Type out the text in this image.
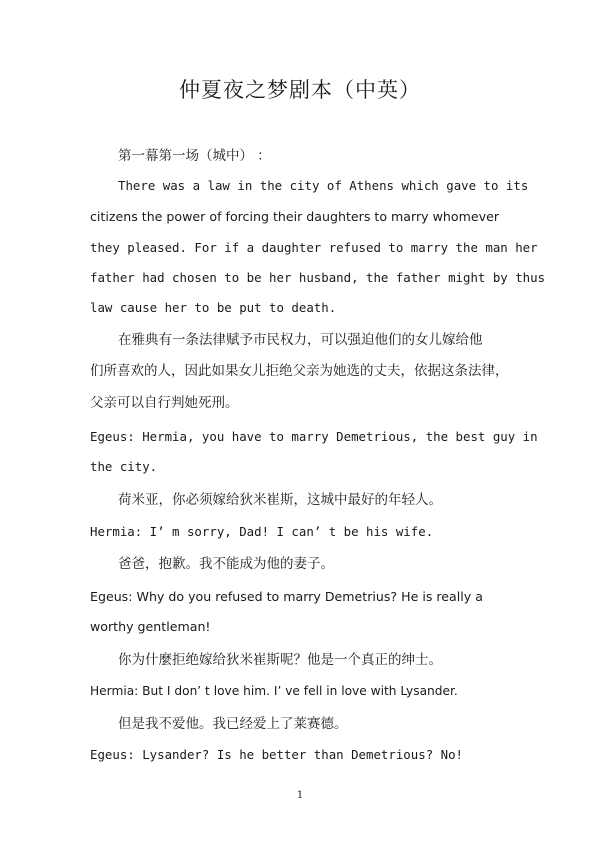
仲夏夜之梦剧本（中英）
第一幕第一场（城中） ：
There was a law in the city of Athens which gave to its
citizens the power of forcing their daughters to marry whomever
they pleased. For if a daughter refused to marry the man her
father had chosen to be her husband, the father might by thus
law cause her to be put to death.
在雅典有一条法律赋予市民权力，可以强迫他们的女儿嫁给他
们所喜欢的人，因此如果女儿拒绝父亲为她选的丈夫，依据这条法律，
父亲可以自行判她死刑。
Egeus: Hermia, you have to marry Demetrious, the best guy in
the city.
荷米亚，你必须嫁给狄米崔斯，这城中最好的年轻人。
Hermia: I’ m sorry, Dad! I can’ t be his wife.
爸爸，抱歉。我不能成为他的妻子。
Egeus: Why do you refused to marry Demetrius? He is really a
worthy gentleman!
你为什麼拒绝嫁给狄米崔斯呢？他是一个真正的绅士。
Hermia: But I don’ t love him. I’ ve fell in love with Lysander.
但是我不爱他。我已经爱上了莱赛德。
Egeus: Lysander? Is he better than Demetrious? No!
1
